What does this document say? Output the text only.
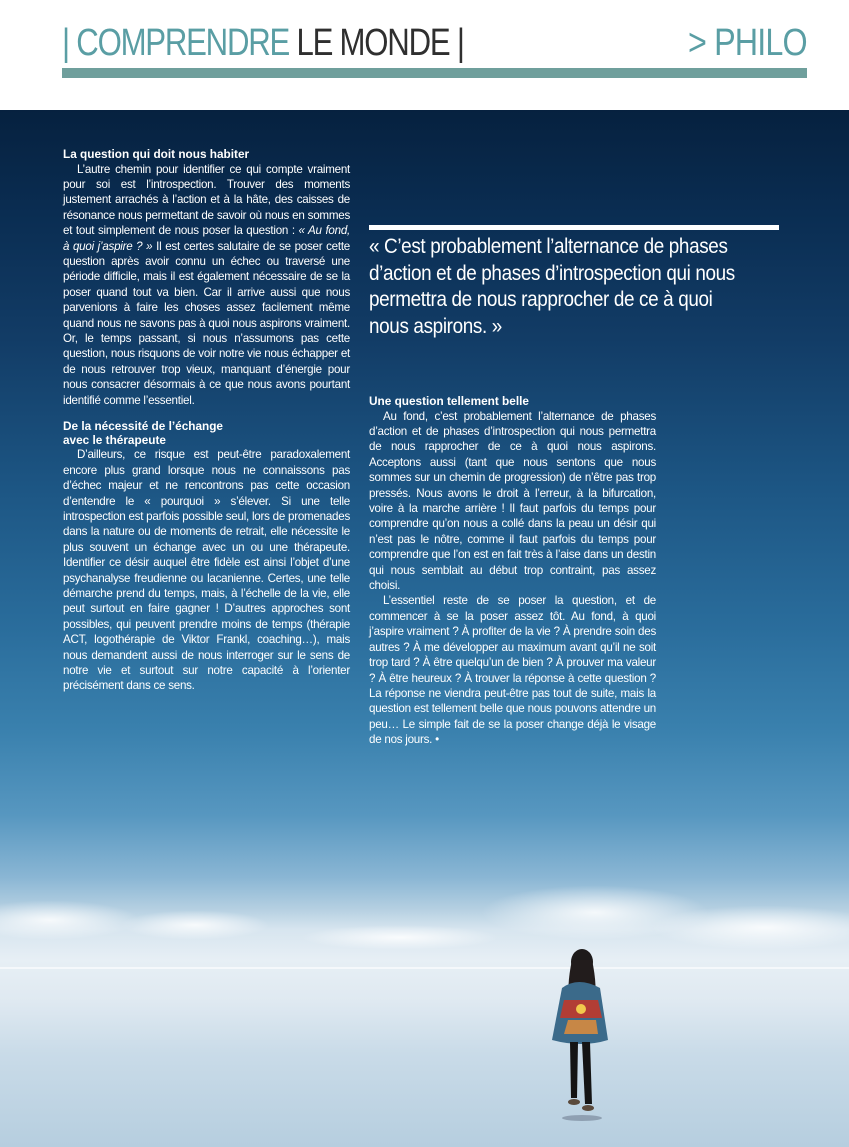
| COMPRENDRE LE MONDE |	> PHILO

La question qui doit nous habiter

L’autre chemin pour identifier ce qui compte vraiment pour soi est l’introspection. Trouver des moments justement arrachés à l’action et à la hâte, des caisses de résonance nous permettant de savoir où nous en sommes et tout simplement de nous poser la question : « Au fond, à quoi j’aspire ? » Il est certes salutaire de se poser cette question après avoir connu un échec ou traversé une période difficile, mais il est également nécessaire de se la poser quand tout va bien. Car il arrive aussi que nous parvenions à faire les choses assez facilement même quand nous ne savons pas à quoi nous aspirons vraiment. Or, le temps passant, si nous n’assumons pas cette question, nous risquons de voir notre vie nous échapper et de nous retrouver trop vieux, manquant d’énergie pour nous consacrer désormais à ce que nous avons pourtant identifié comme l’essentiel.

De la nécessité de l’échange
avec le thérapeute

D’ailleurs, ce risque est peut-être paradoxalement encore plus grand lorsque nous ne connaissons pas d’échec majeur et ne rencontrons pas cette occasion d’entendre le « pourquoi » s’élever. Si une telle introspection est parfois possible seul, lors de promenades dans la nature ou de moments de retrait, elle nécessite le plus souvent un échange avec un ou une thérapeute. Identifier ce désir auquel être fidèle est ainsi l’objet d’une psychanalyse freudienne ou lacanienne. Certes, une telle démarche prend du temps, mais, à l’échelle de la vie, elle peut surtout en faire gagner ! D’autres approches sont possibles, qui peuvent prendre moins de temps (thérapie ACT, logothérapie de Viktor Frankl, coaching…), mais nous demandent aussi de nous interroger sur le sens de notre vie et surtout sur notre capacité à l’orienter précisément dans ce sens.

« C’est probablement l’alternance de phases d’action et de phases d’introspection qui nous permettra de nous rapprocher de ce à quoi nous aspirons. »

Une question tellement belle

Au fond, c’est probablement l’alternance de phases d’action et de phases d’introspection qui nous permettra de nous rapprocher de ce à quoi nous aspirons. Acceptons aussi (tant que nous sentons que nous sommes sur un chemin de progression) de n’être pas trop pressés. Nous avons le droit à l’erreur, à la bifurcation, voire à la marche arrière ! Il faut parfois du temps pour comprendre qu’on nous a collé dans la peau un désir qui n’est pas le nôtre, comme il faut parfois du temps pour comprendre que l’on est en fait très à l’aise dans un destin qui nous semblait au début trop contraint, pas assez choisi.

L’essentiel reste de se poser la question, et de commencer à se la poser assez tôt. Au fond, à quoi j’aspire vraiment ? À profiter de la vie ? À prendre soin des autres ? À me développer au maximum avant qu’il ne soit trop tard ? À être quelqu’un de bien ? À prouver ma valeur ? À être heureux ? À trouver la réponse à cette question ? La réponse ne viendra peut-être pas tout de suite, mais la question est tellement belle que nous pouvons attendre un peu… Le simple fait de se la poser change déjà le visage de nos jours. •
